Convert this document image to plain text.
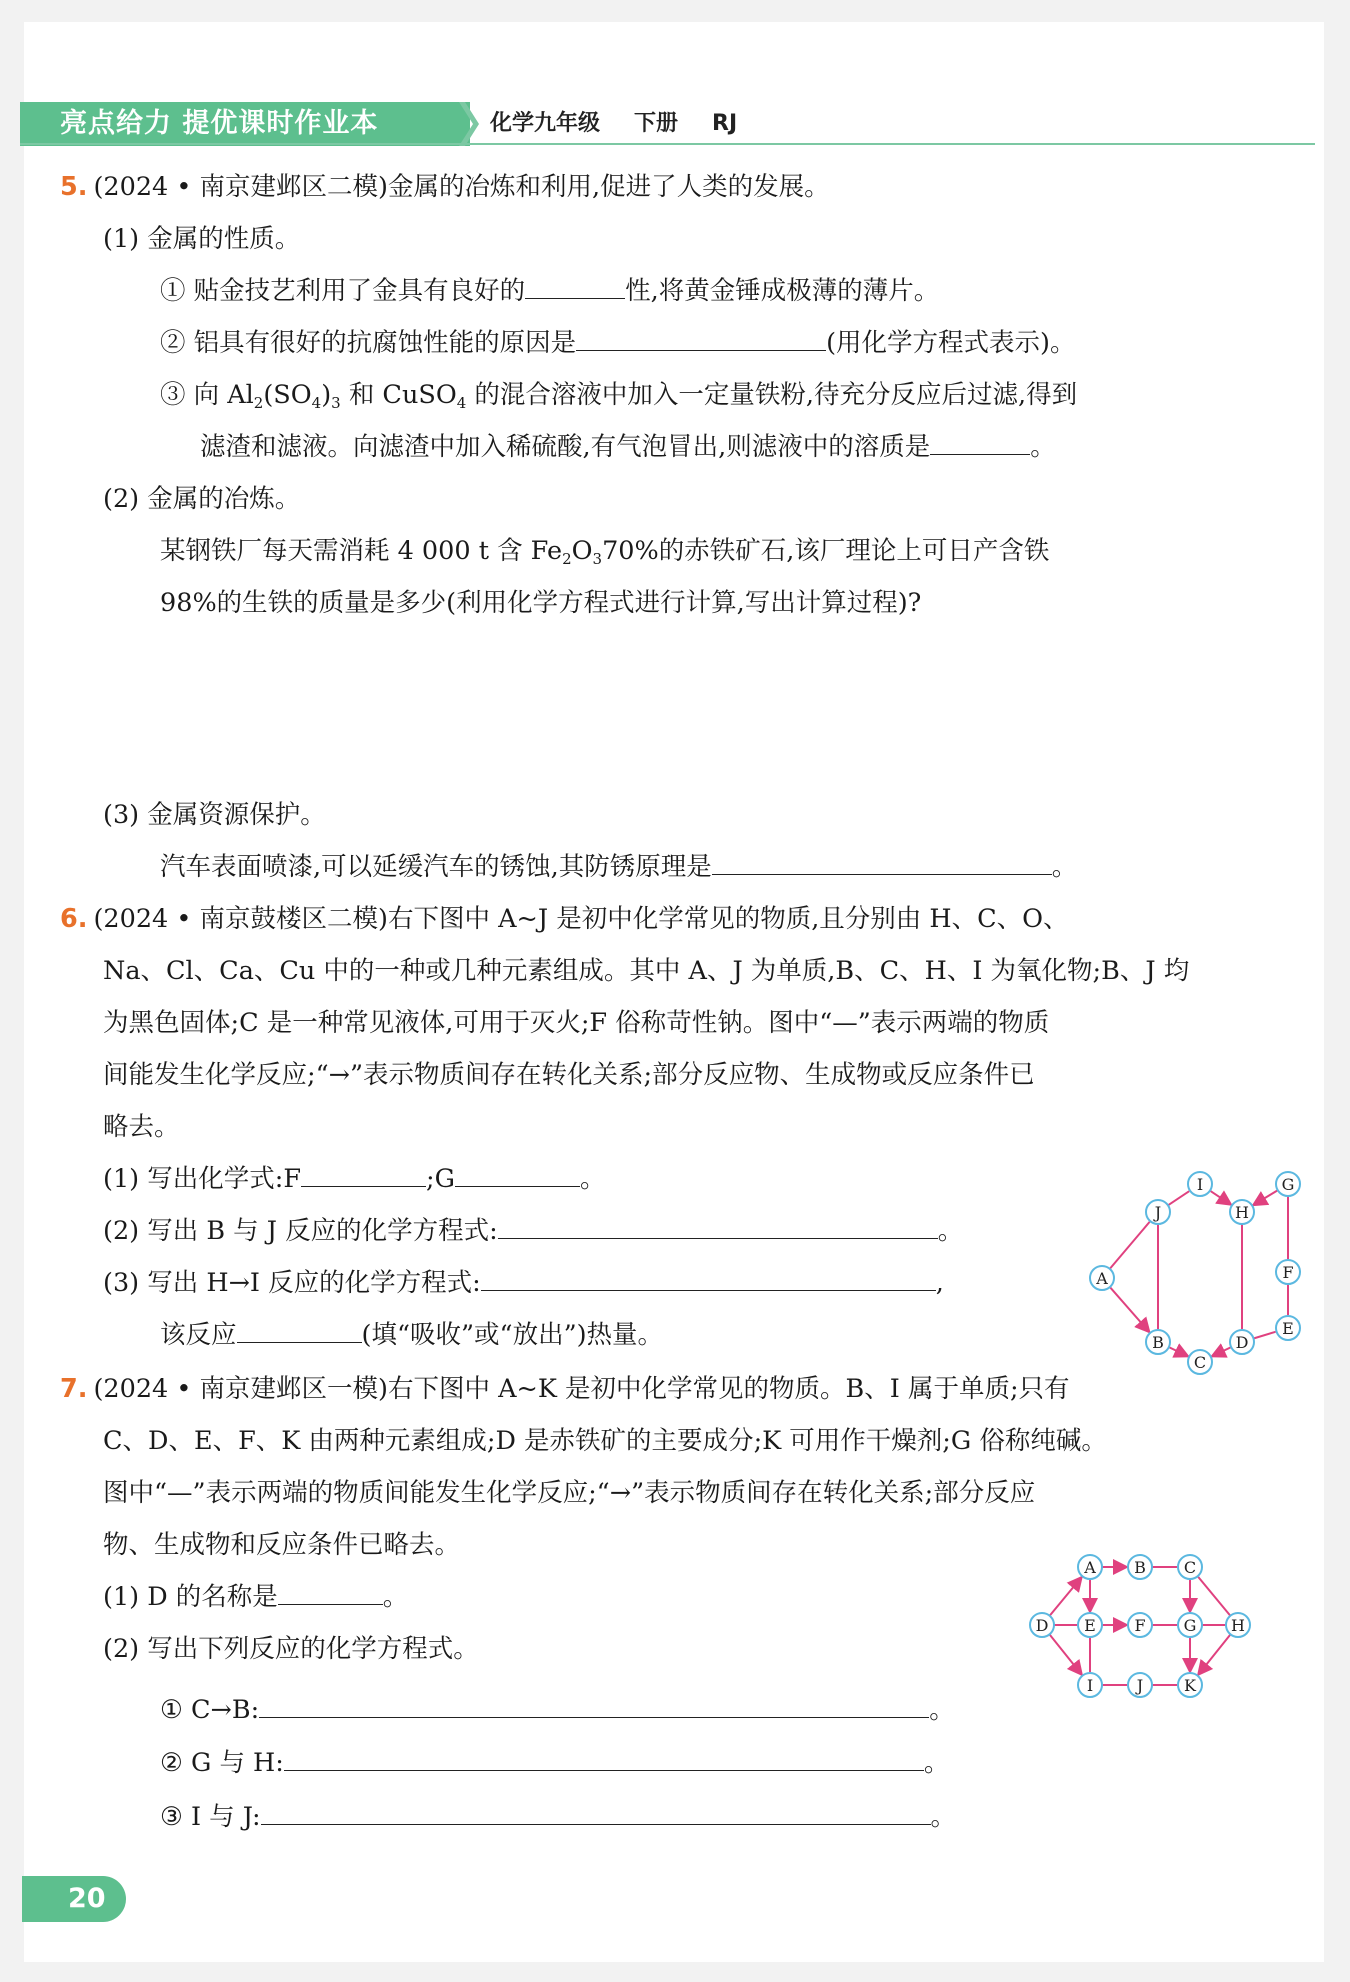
亮点给力 提优课时作业本	化学九年级 下册 RJ
5. (2024 • 南京建邺区二模)金属的冶炼和利用,促进了人类的发展。
(1) 金属的性质。
① 贴金技艺利用了金具有良好的	性,将黄金锤成极薄的薄片。
② 铝具有很好的抗腐蚀性能的原因是	(用化学方程式表示)。
③ 向 $Al_2(SO_4)_3$ 和 CuSO$_4$ 的混合溶液中加入一定量铁粉,待充分反应后过滤,得到
滤渣和滤液。向滤渣中加入稀硫酸,有气泡冒出,则滤液中的溶质是	。
(2) 金属的冶炼。
某钢铁厂每天需消耗 4 000 t 含 $Fe_2O_370\%$的赤铁矿石,该厂理论上可日产含铁
98%的生铁的质量是多少(利用化学方程式进行计算,写出计算过程)?
(3) 金属资源保护。
汽车表面喷漆,可以延缓汽车的锈蚀,其防锈原理是	。
6. (2024 • 南京鼓楼区二模)右下图中 A~J 是初中化学常见的物质,且分别由 H、C、O、
Na、Cl、Ca、Cu 中的一种或几种元素组成。其中 A、J 为单质,B、C、H、I 为氧化物;B、J 均
为黑色固体;C 是一种常见液体,可用于灭火;F 俗称苛性钠。图中“—”表示两端的物质
间能发生化学反应;“→”表示物质间存在转化关系;部分反应物、生成物或反应条件已
略去。
(1) 写出化学式:F	;G	。
(2) 写出 B 与 J 反应的化学方程式:	。
(3) 写出 H→I 反应的化学方程式:	,
该反应	(填“吸收”或“放出”)热量。
I	G
J	H
A	F
B	D
E
C
7. (2024 • 南京建邺区一模)右下图中 A~K 是初中化学常见的物质。B、I 属于单质;只有
C、D、E、F、K 由两种元素组成;D 是赤铁矿的主要成分;K 可用作干燥剂;G 俗称纯碱。
图中“—”表示两端的物质间能发生化学反应;“→”表示物质间存在转化关系;部分反应
物、生成物和反应条件已略去。
(1) D 的名称是	。
(2) 写出下列反应的化学方程式。
① C→B:	。
② G 与 H:	。
③ I 与 J:	。
A B C
D E F G H
I	J	K
20
